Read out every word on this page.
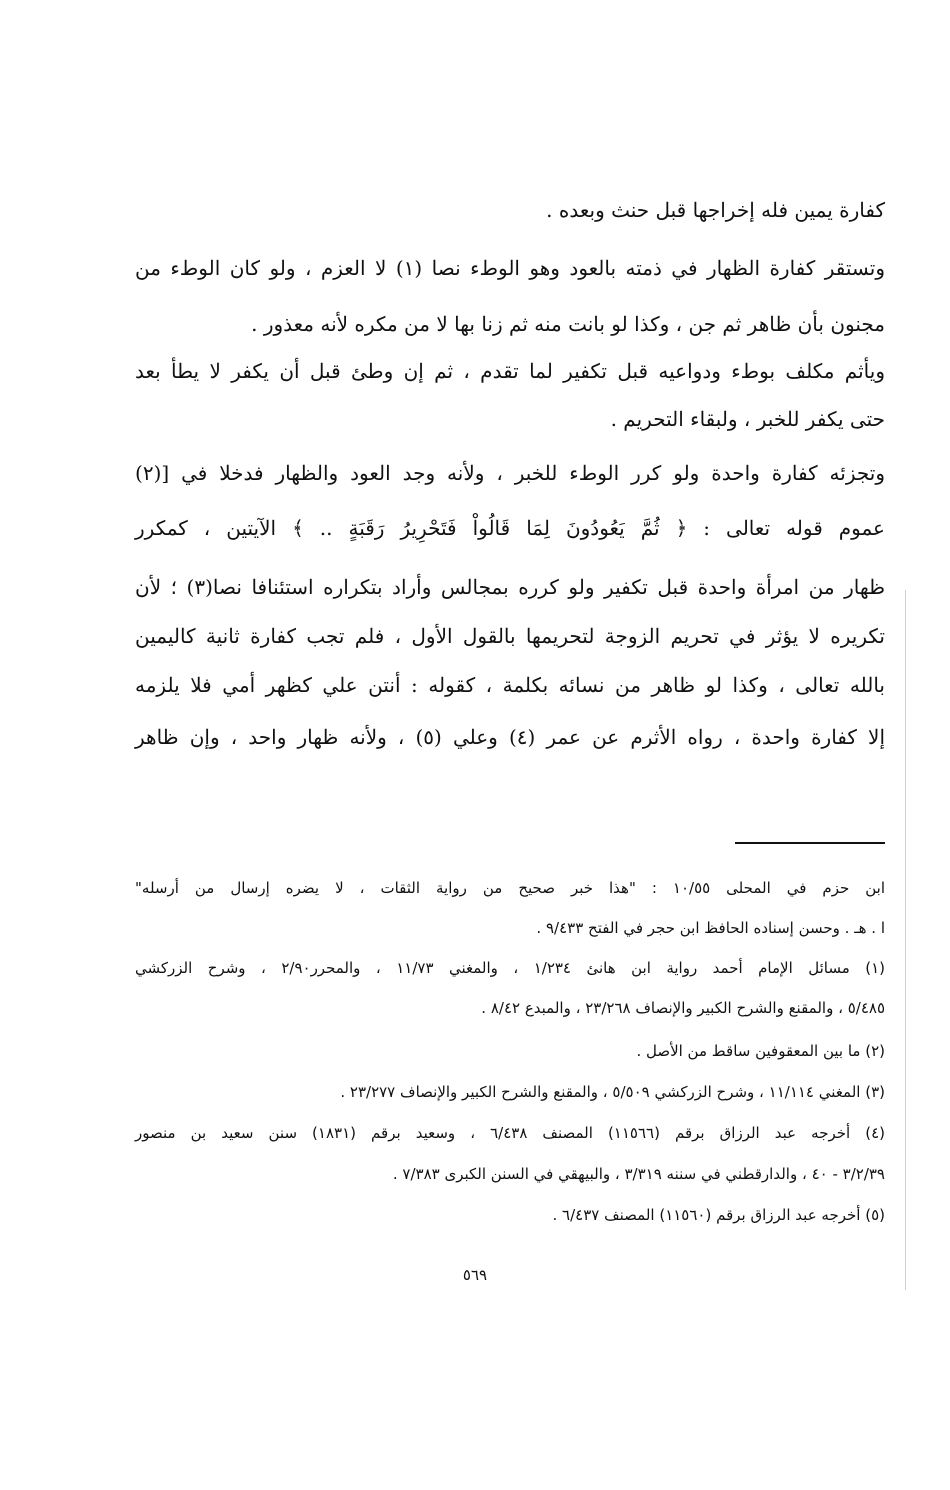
كفارة يمين فله إخراجها قبل حنث وبعده .
وتستقر كفارة الظهار في ذمته بالعود وهو الوطء نصا (١) لا العزم ، ولو كان الوطء من
مجنون بأن ظاهر ثم جن ، وكذا لو بانت منه ثم زنا بها لا من مكره لأنه معذور .
ويأثم مكلف بوطء ودواعيه قبل تكفير لما تقدم ، ثم إن وطئ قبل أن يكفر لا يطأ بعد
حتى يكفر للخبر ، ولبقاء التحريم .
وتجزئه كفارة واحدة ولو كرر الوطء للخبر ، ولأنه وجد العود والظهار فدخلا في [(٢)
عموم قوله تعالى : ﴿ ثُمَّ يَعُودُونَ لِمَا قَالُواْ فَتَحْرِيرُ رَقَبَةٍ .. ﴾ الآيتين ، كمكرر
ظهار من امرأة واحدة قبل تكفير ولو كرره بمجالس وأراد بتكراره استئنافا نصا(٣) ؛ لأن
تكريره لا يؤثر في تحريم الزوجة لتحريمها بالقول الأول ، فلم تجب كفارة ثانية كاليمين
بالله تعالى ، وكذا لو ظاهر من نسائه بكلمة ، كقوله : أنتن علي كظهر أمي فلا يلزمه
إلا كفارة واحدة ، رواه الأثرم عن عمر (٤) وعلي (٥) ، ولأنه ظهار واحد ، وإن ظاهر
ابن حزم في المحلى ١٠/٥٥ : "هذا خبر صحيح من رواية الثقات ، لا يضره إرسال من أرسله"
ا . هـ . وحسن إسناده الحافظ ابن حجر في الفتح ٩/٤٣٣ .
(١) مسائل الإمام أحمد رواية ابن هانئ ١/٢٣٤ ، والمغني ١١/٧٣ ، والمحرر٢/٩٠ ، وشرح الزركشي
٥/٤٨٥ ، والمقنع والشرح الكبير والإنصاف ٢٣/٢٦٨ ، والمبدع ٨/٤٢ .
(٢) ما بين المعقوفين ساقط من الأصل .
(٣) المغني ١١/١١٤ ، وشرح الزركشي ٥/٥٠٩ ، والمقنع والشرح الكبير والإنصاف ٢٣/٢٧٧ .
(٤) أخرجه عبد الرزاق برقم (١١٥٦٦) المصنف ٦/٤٣٨ ، وسعيد برقم (١٨٣١) سنن سعيد بن منصور
٣/٢/٣٩ - ٤٠ ، والدارقطني في سننه ٣/٣١٩ ، والبيهقي في السنن الكبرى ٧/٣٨٣ .
(٥) أخرجه عبد الرزاق برقم (١١٥٦٠) المصنف ٦/٤٣٧ .
٥٦٩
